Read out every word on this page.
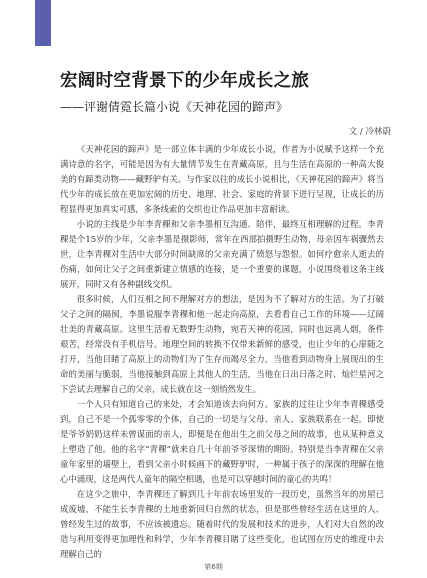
宏阔时空背景下的少年成长之旅
——评谢倩霓长篇小说《天神花园的蹄声》
文 / 冷林蔚

《天神花园的蹄声》是一部立体丰满的少年成长小说，作者为小说赋予这样一个充满诗意的名字，可能是因为有大量情节发生在青藏高原，且与生活在高原的一种高大俊美的有蹄类动物——藏野驴有关。与作家以往的成长小说相比，《天神花园的蹄声》将当代少年的成长放在更加宏阔的历史、地理、社会、家庭的背景下进行呈现，让成长的历程显得更加真实可感，多条线索的交织也让作品更加丰富耐读。

小说的主线是少年李青稞和父亲李墨相互沟通、陪伴，最终互相理解的过程。李青稞是个15岁的少年，父亲李墨是摄影师，常年在西部拍摄野生动物，母亲因车祸骤然去世，让李青稞对生活中大部分时间缺席的父亲充满了愤怒与怨恨。如何疗愈亲人逝去的伤痛，如何让父子之间重新建立情感的连接，是一个重要的课题，小说围绕着这条主线展开，同时又有各种副线交织。

很多时候，人们互相之间不理解对方的想法，是因为不了解对方的生活。为了打破父子之间的隔阂，李墨说服李青稞和他一起走向高原，去看看自己工作的环境——辽阔壮美的青藏高原。这里生活着无数野生动物，宛若天神的花园，同时也远离人烟，条件艰苦，经常没有手机信号。地理空间的转换不仅带来新鲜的感受，也让少年的心扉随之打开，当他目睹了高原上的动物们为了生存而竭尽全力，当他看到动物身上展现出的生命的美丽与脆弱，当他接触到高原上其他人的生活，当他在日出日落之时、灿烂星河之下尝试去理解自己的父亲，成长就在这一刻悄然发生。

一个人只有知道自己的来处，才会知道该去向何方。家族的过往让少年李青稞感受到，自己不是一个孤零零的个体，自己的一切是与父母、亲人、家族联系在一起。即使是爷爷奶奶这样未曾谋面的亲人，即便是在他出生之前父母之间的故事，也从某种意义上塑造了他。他的名字“青稞”就来自几十年前爷爷深情的期盼。特别是当李青稞在父亲童年家里的墙壁上，看到父亲小时候画下的藏野驴时，一种属于孩子的深深的理解在他心中涌现，这是两代人童年的隔空相遇，也是可以穿越时间的童心的共鸣！

在这少之旅中，李青稞还了解到几十年前农场里发的一段历史，虽然当年的房屋已成废墟，不能生长李青稞的土地重新回归自然的状态，但是那些曾经生活在这里的人、曾经发生过的故事，不应该被遗忘。随着时代的发展和技术的进步，人们对大自然的改造与利用变得更加理性和科学，少年李青稞目睹了这些变化，也试图在历史的维度中去理解自己的

第6期
